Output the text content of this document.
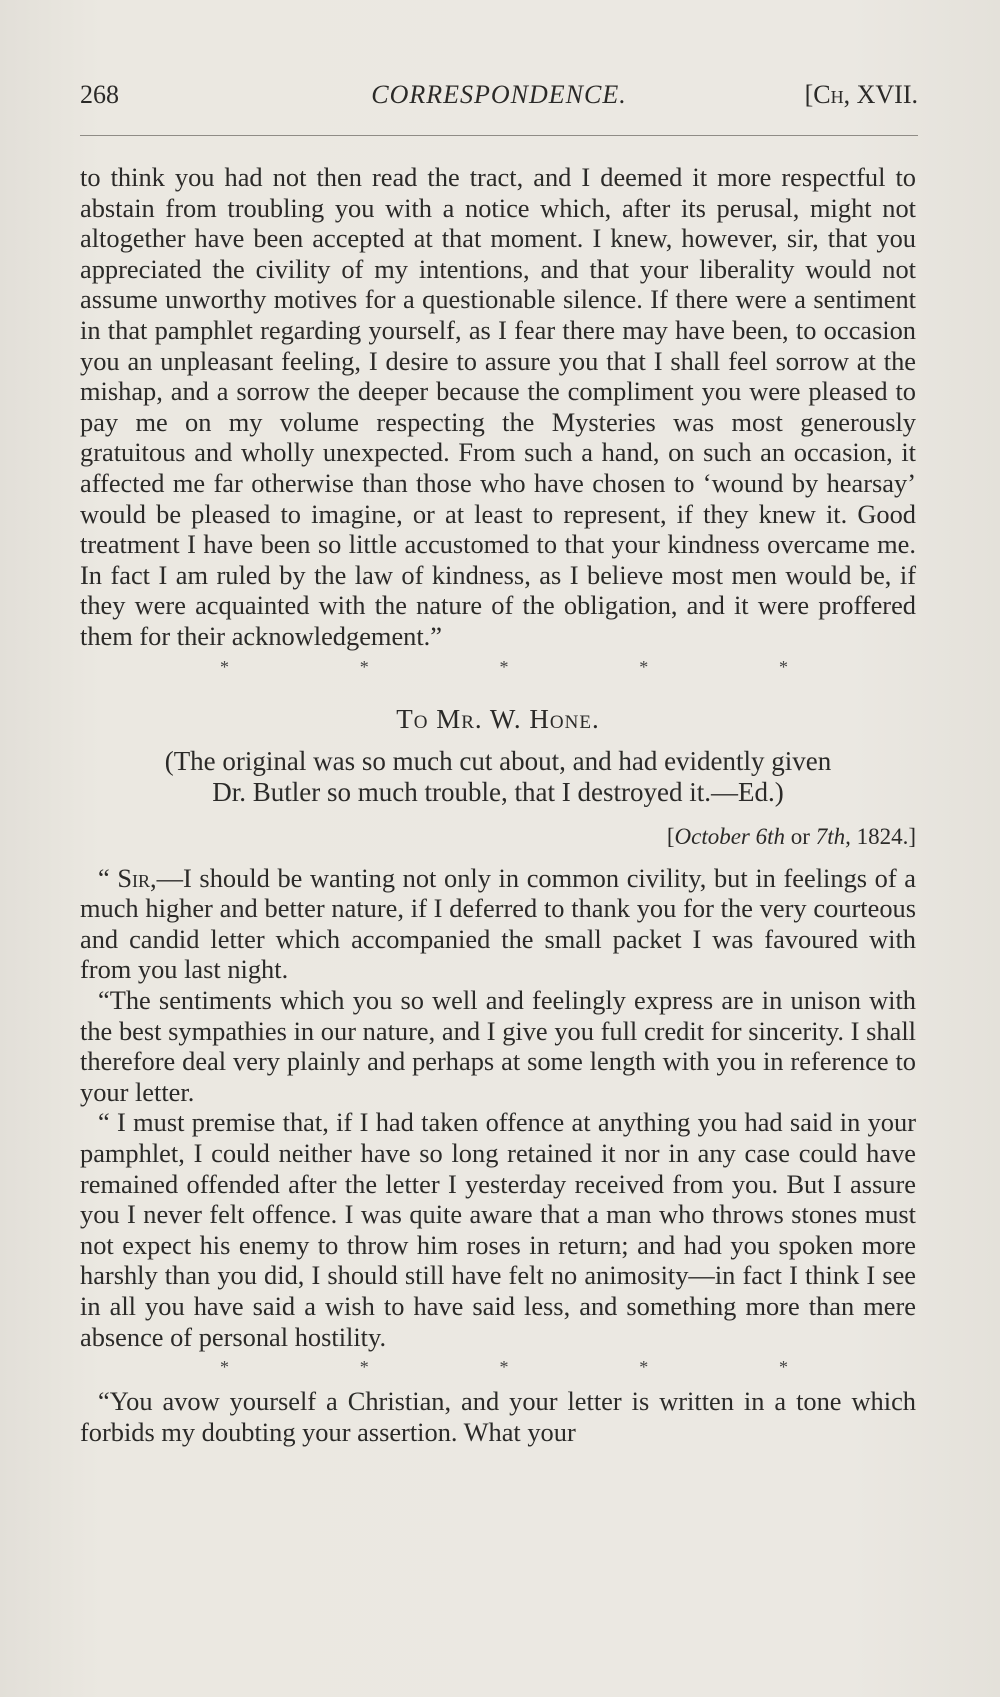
268	CORRESPONDENCE.	[Ch, XVII.

to think you had not then read the tract, and I deemed it more respectful to abstain from troubling you with a notice which, after its perusal, might not altogether have been accepted at that moment. I knew, however, sir, that you appreciated the civility of my intentions, and that your liberality would not assume unworthy motives for a questionable silence. If there were a sentiment in that pamphlet regarding yourself, as I fear there may have been, to occasion you an unpleasant feeling, I desire to assure you that I shall feel sorrow at the mishap, and a sorrow the deeper because the compliment you were pleased to pay me on my volume respecting the Mysteries was most generously gratuitous and wholly unexpected. From such a hand, on such an occasion, it affected me far otherwise than those who have chosen to ‘wound by hearsay’ would be pleased to imagine, or at least to represent, if they knew it. Good treatment I have been so little accustomed to that your kindness overcame me. In fact I am ruled by the law of kindness, as I believe most men would be, if they were acquainted with the nature of the obligation, and it were proffered them for their acknowledgement.”

*	*	*	*	*
To Mr. W. Hone.
(The original was so much cut about, and had evidently given
Dr. Butler so much trouble, that I destroyed it.—Ed.)
[October 6th or 7th, 1824.]

“ Sir,—I should be wanting not only in common civility, but in feelings of a much higher and better nature, if I deferred to thank you for the very courteous and candid letter which accompanied the small packet I was favoured with from you last night.

“The sentiments which you so well and feelingly express are in unison with the best sympathies in our nature, and I give you full credit for sincerity. I shall therefore deal very plainly and perhaps at some length with you in reference to your letter.

“ I must premise that, if I had taken offence at anything you had said in your pamphlet, I could neither have so long retained it nor in any case could have remained offended after the letter I yesterday received from you. But I assure you I never felt offence. I was quite aware that a man who throws stones must not expect his enemy to throw him roses in return; and had you spoken more harshly than you did, I should still have felt no animosity—in fact I think I see in all you have said a wish to have said less, and something more than mere absence of personal hostility.

*	*	*	*	*

“You avow yourself a Christian, and your letter is written in a tone which forbids my doubting your assertion. What your
